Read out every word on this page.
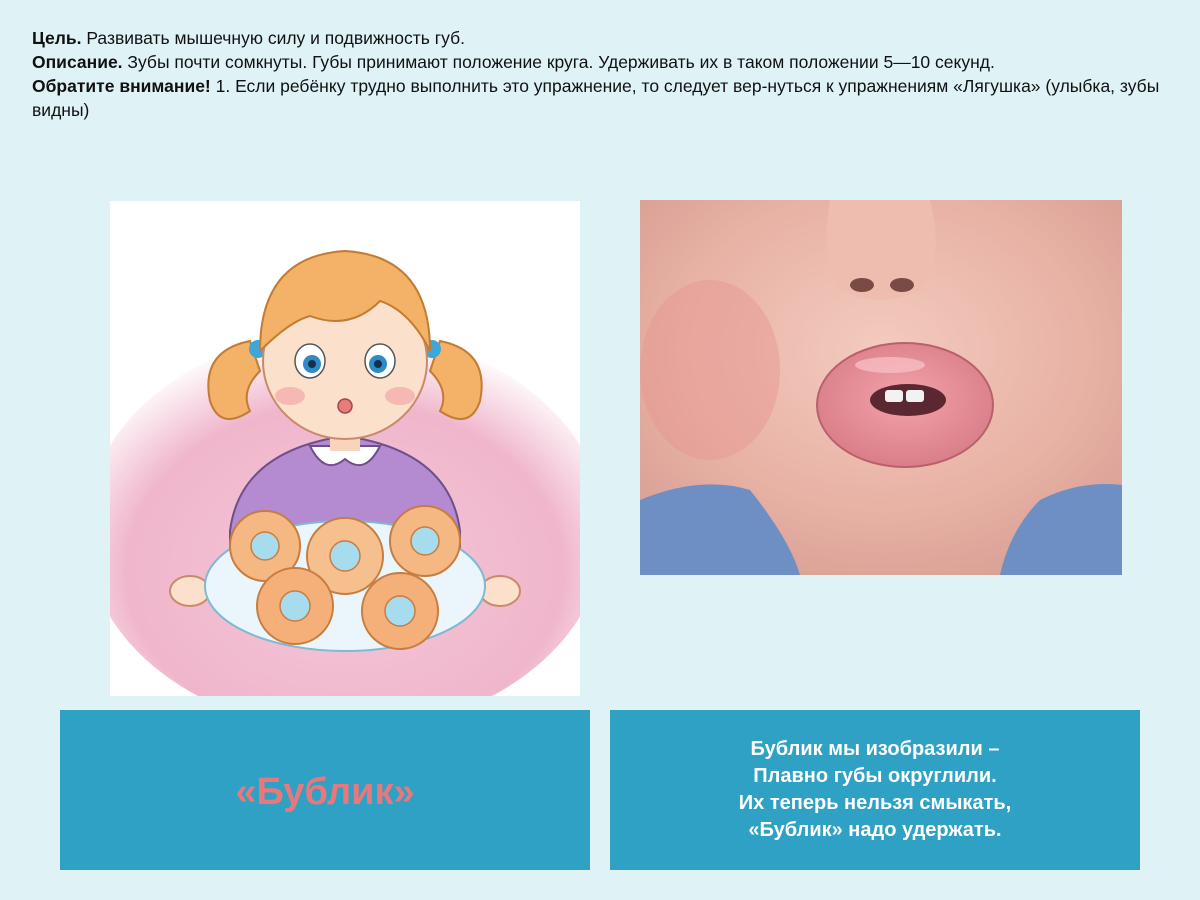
Цель. Развивать мышечную силу и подвижность губ.

Описание. Зубы почти сомкнуты. Губы принимают положение круга. Удерживать их в таком положении 5—10 секунд.

Обратите внимание! 1. Если ребёнку трудно выполнить это упражнение, то следует вер-нуться к упражнениям «Лягушка» (улыбка, зубы видны)

«Бублик»
Бублик мы изобразили –
Плавно губы округлили.
Их теперь нельзя смыкать,
«Бублик» надо удержать.
